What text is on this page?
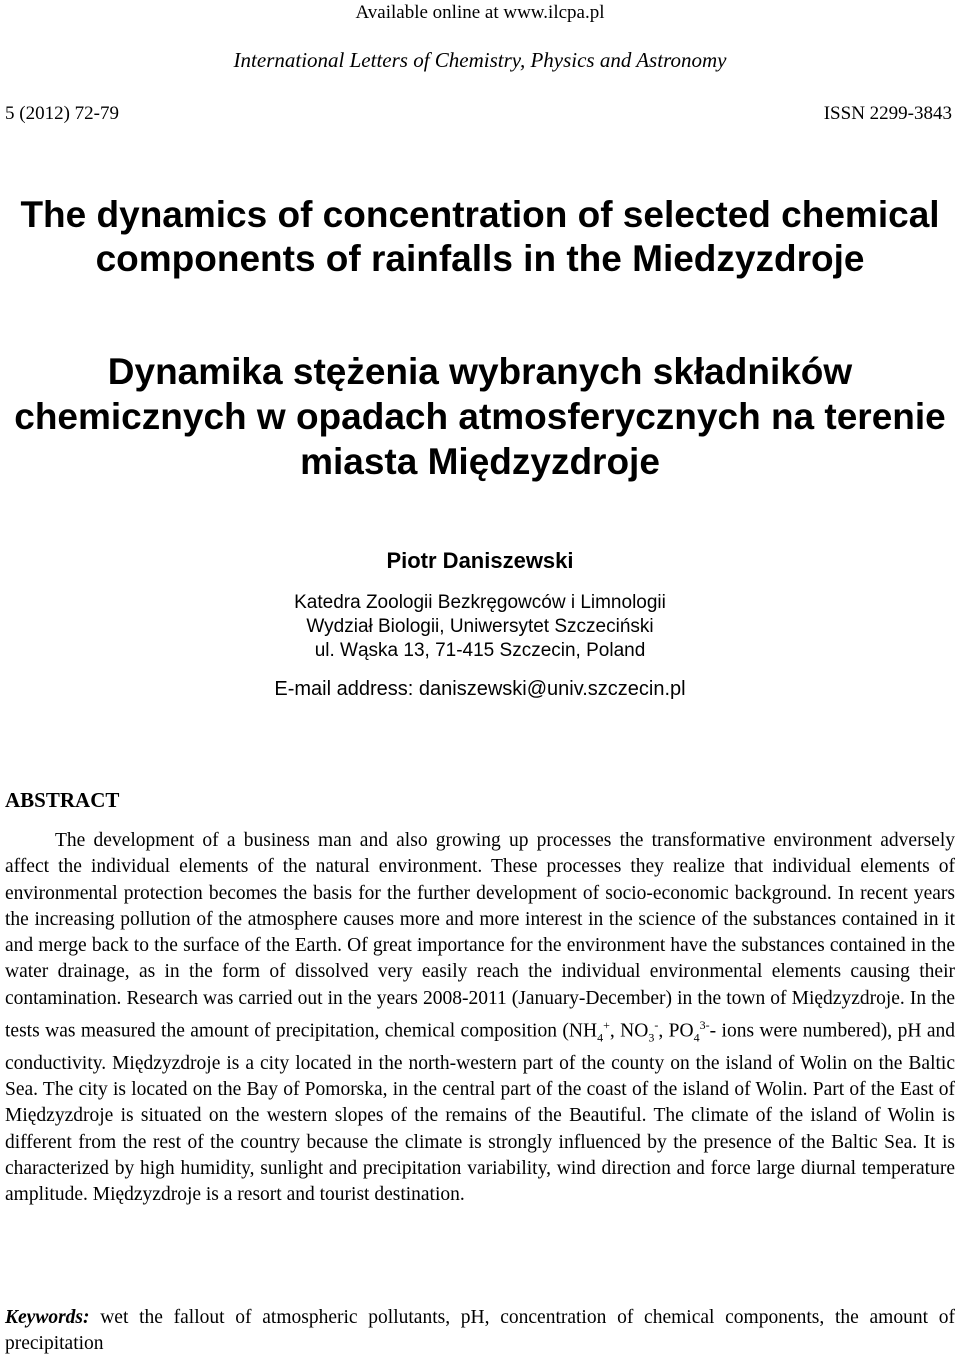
Available online at www.ilcpa.pl
International Letters of Chemistry, Physics and Astronomy
5 (2012) 72-79	ISSN 2299-3843
The dynamics of concentration of selected chemical
components of rainfalls in the Miedzyzdroje
Dynamika stężenia wybranych składników
chemicznych w opadach atmosferycznych na terenie
miasta Międzyzdroje
Piotr Daniszewski
Katedra Zoologii Bezkręgowców i Limnologii
Wydział Biologii, Uniwersytet Szczeciński
ul. Wąska 13, 71-415 Szczecin, Poland
E-mail address: daniszewski@univ.szczecin.pl
ABSTRACT
The development of a business man and also growing up processes the transformative environment adversely affect the individual elements of the natural environment. These processes they realize that individual elements of environmental protection becomes the basis for the further development of socio-economic background. In recent years the increasing pollution of the atmosphere causes more and more interest in the science of the substances contained in it and merge back to the surface of the Earth. Of great importance for the environment have the substances contained in the water drainage, as in the form of dissolved very easily reach the individual environmental elements causing their contamination. Research was carried out in the years 2008-2011 (January-December) in the town of Międzyzdroje. In the tests was measured the amount of precipitation, chemical composition ($NH_4^+$, $NO_3^-$, $PO_4^{3-}-$ ions were numbered), pH and conductivity. Międzyzdroje is a city located in the north-western part of the county on the island of Wolin on the Baltic Sea. The city is located on the Bay of Pomorska, in the central part of the coast of the island of Wolin. Part of the East of Międzyzdroje is situated on the western slopes of the remains of the Beautiful. The climate of the island of Wolin is different from the rest of the country because the climate is strongly influenced by the presence of the Baltic Sea. It is characterized by high humidity, sunlight and precipitation variability, wind direction and force large diurnal temperature amplitude. Międzyzdroje is a resort and tourist destination.
Keywords: wet the fallout of atmospheric pollutants, pH, concentration of chemical components, the amount of precipitation
